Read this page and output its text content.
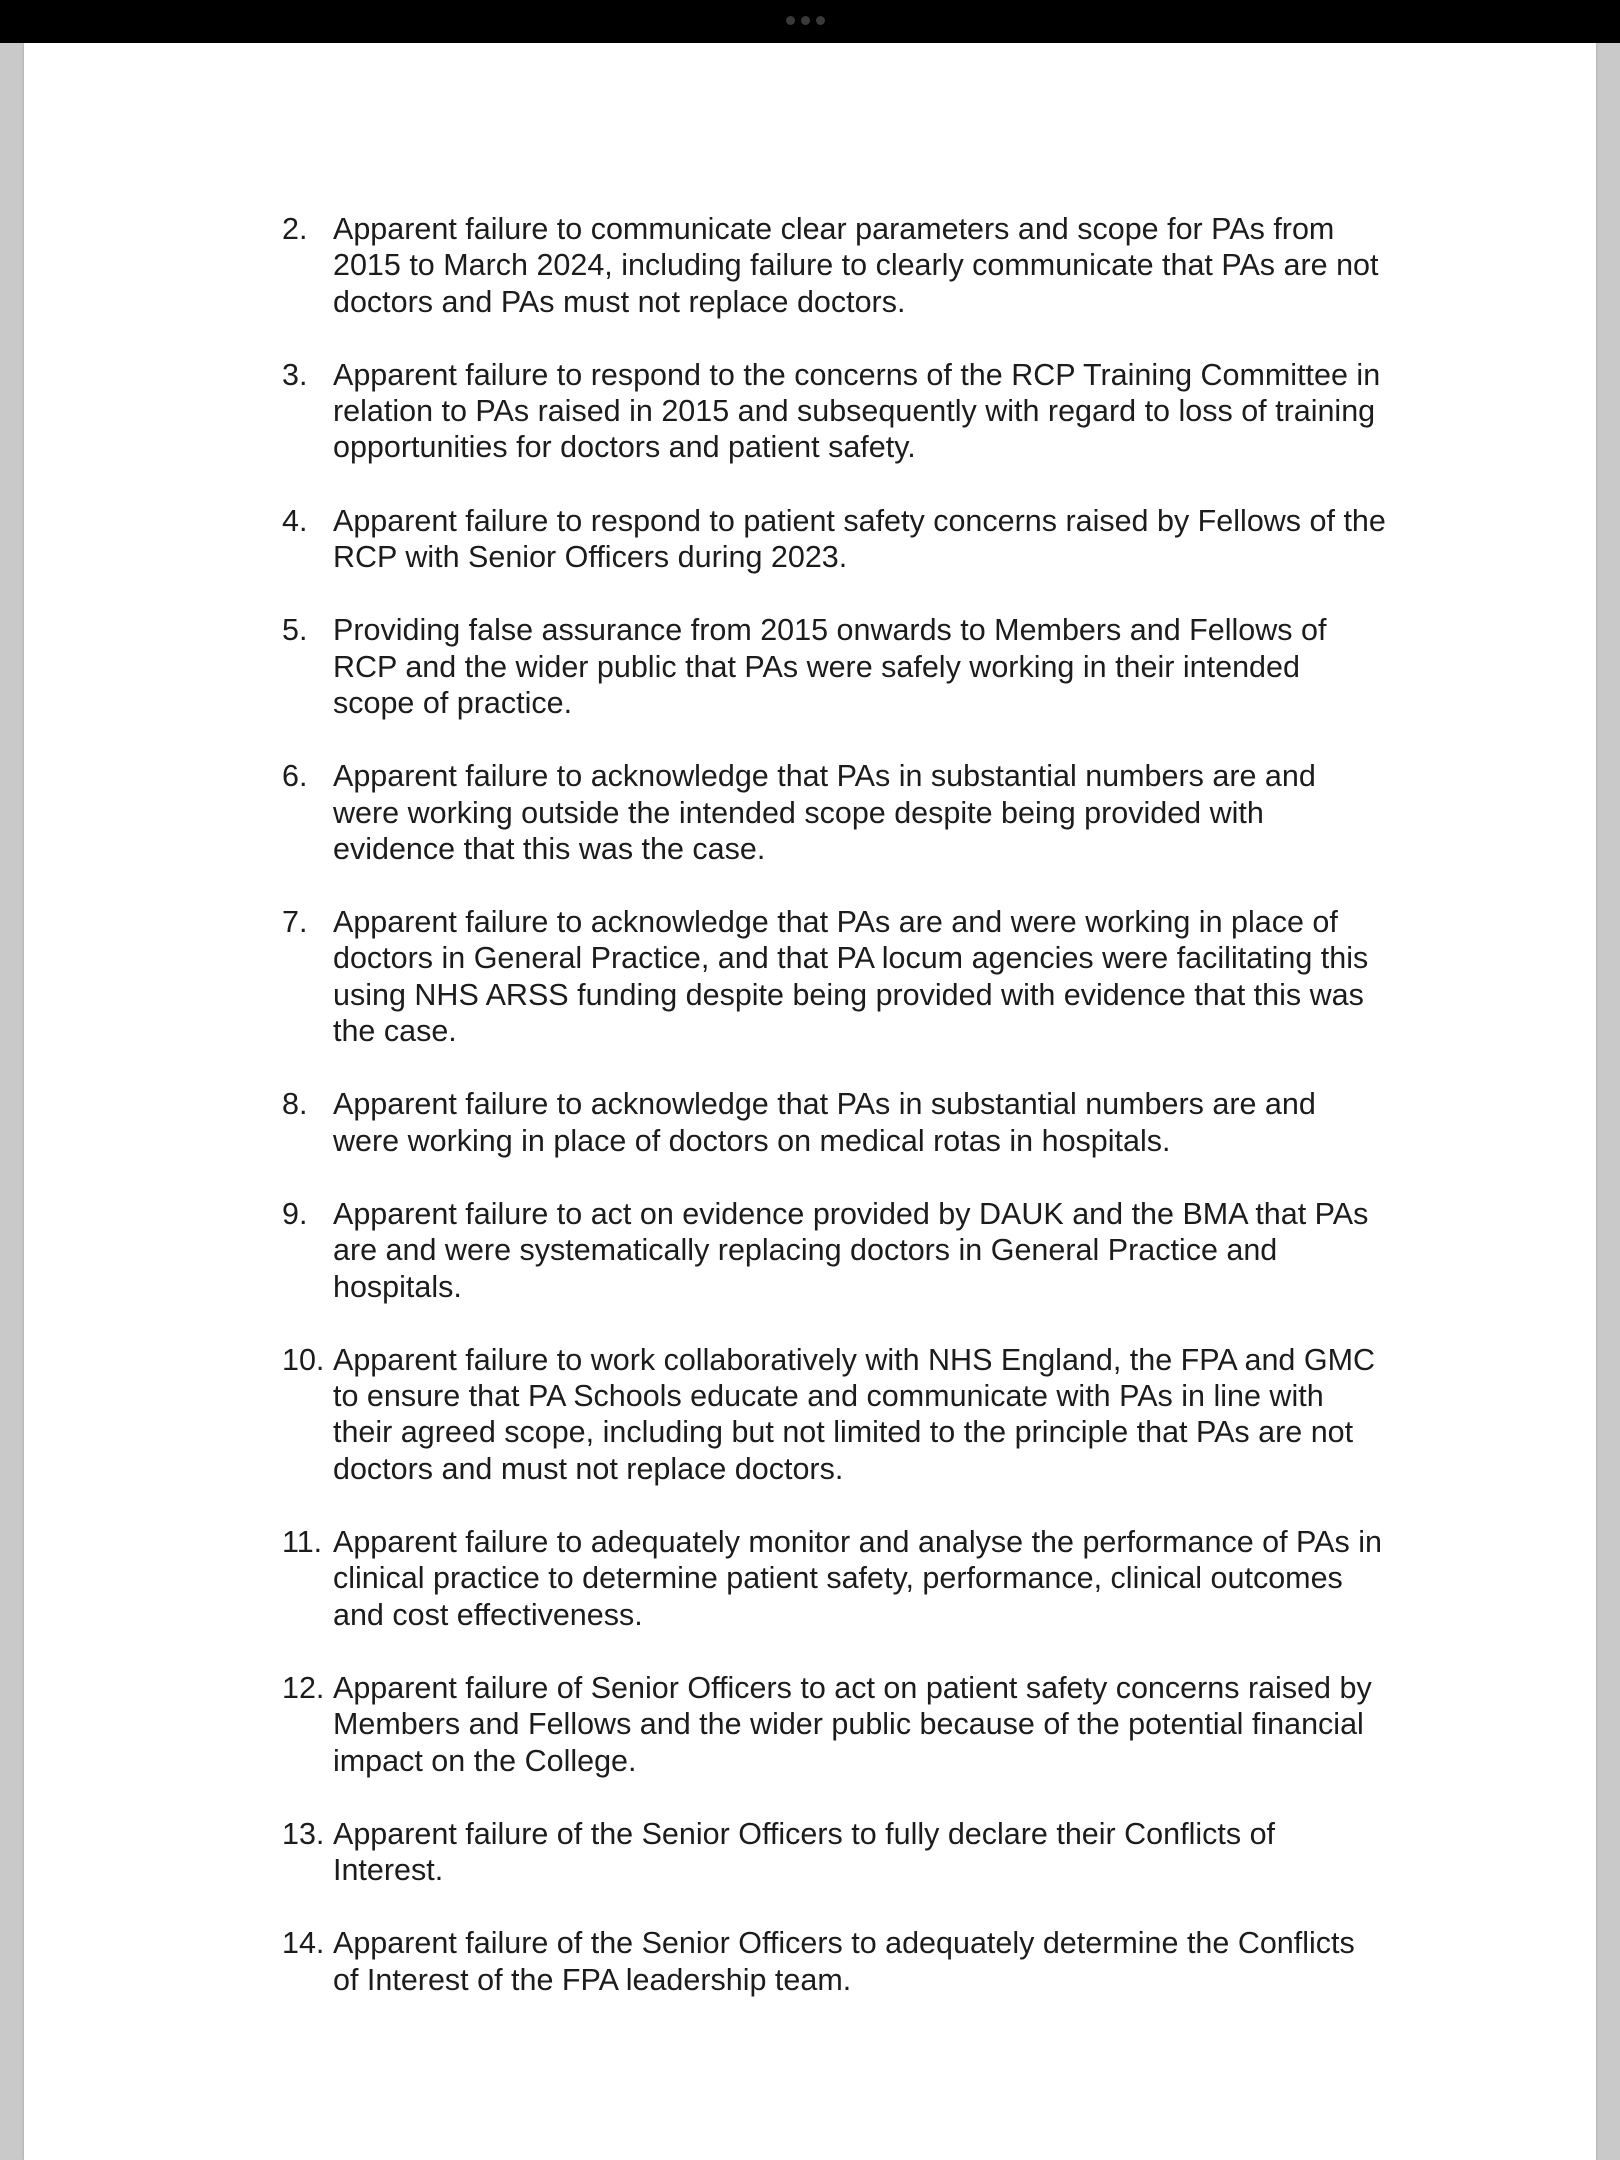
2. Apparent failure to communicate clear parameters and scope for PAs from
2015 to March 2024, including failure to clearly communicate that PAs are not
doctors and PAs must not replace doctors.
3. Apparent failure to respond to the concerns of the RCP Training Committee in
relation to PAs raised in 2015 and subsequently with regard to loss of training
opportunities for doctors and patient safety.
4. Apparent failure to respond to patient safety concerns raised by Fellows of the
RCP with Senior Officers during 2023.
5. Providing false assurance from 2015 onwards to Members and Fellows of
RCP and the wider public that PAs were safely working in their intended
scope of practice.
6. Apparent failure to acknowledge that PAs in substantial numbers are and
were working outside the intended scope despite being provided with
evidence that this was the case.
7. Apparent failure to acknowledge that PAs are and were working in place of
doctors in General Practice, and that PA locum agencies were facilitating this
using NHS ARSS funding despite being provided with evidence that this was
the case.
8. Apparent failure to acknowledge that PAs in substantial numbers are and
were working in place of doctors on medical rotas in hospitals.
9. Apparent failure to act on evidence provided by DAUK and the BMA that PAs
are and were systematically replacing doctors in General Practice and
hospitals.
10. Apparent failure to work collaboratively with NHS England, the FPA and GMC
to ensure that PA Schools educate and communicate with PAs in line with
their agreed scope, including but not limited to the principle that PAs are not
doctors and must not replace doctors.
11. Apparent failure to adequately monitor and analyse the performance of PAs in
clinical practice to determine patient safety, performance, clinical outcomes
and cost effectiveness.
12. Apparent failure of Senior Officers to act on patient safety concerns raised by
Members and Fellows and the wider public because of the potential financial
impact on the College.
13. Apparent failure of the Senior Officers to fully declare their Conflicts of
Interest.
14. Apparent failure of the Senior Officers to adequately determine the Conflicts
of Interest of the FPA leadership team.
